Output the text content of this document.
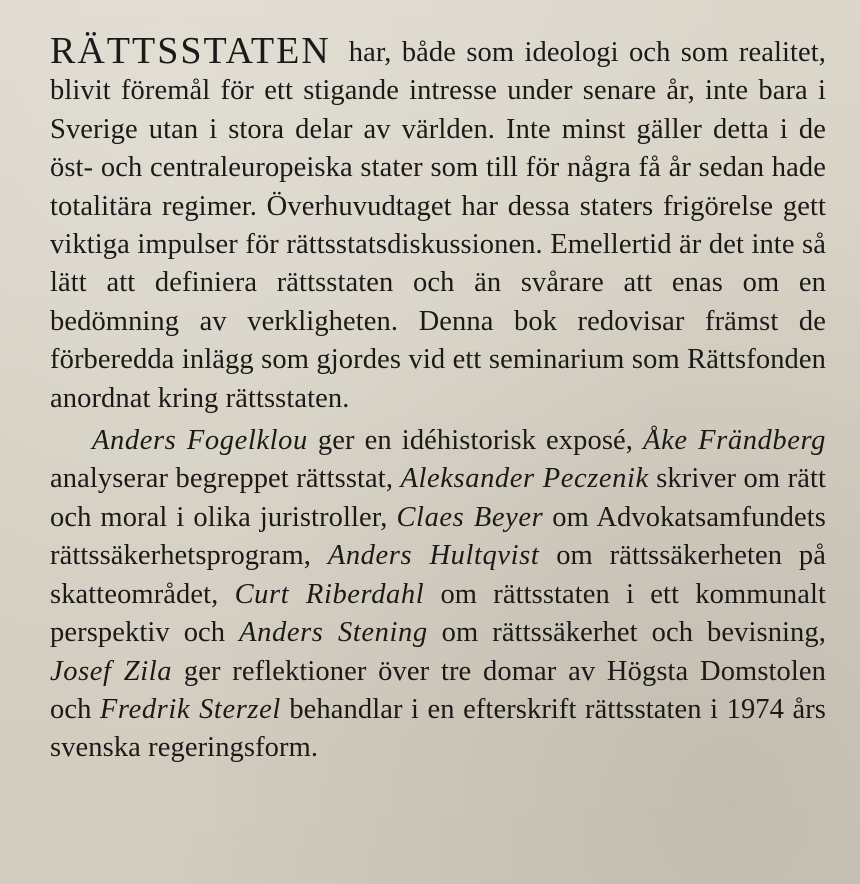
RÄTTSSTATEN har, både som ideologi och som realitet, blivit föremål för ett stigande intresse under senare år, inte bara i Sverige utan i stora delar av världen. Inte minst gäller detta i de öst- och centraleuropeiska stater som till för några få år sedan hade totalitära regimer. Överhuvudtaget har dessa staters frigörelse gett viktiga impulser för rättsstatsdiskussionen. Emellertid är det inte så lätt att definiera rättsstaten och än svårare att enas om en bedömning av verkligheten. Denna bok redovisar främst de förberedda inlägg som gjordes vid ett seminarium som Rättsfonden anordnat kring rättsstaten.

Anders Fogelklou ger en idéhistorisk exposé, Åke Frändberg analyserar begreppet rättsstat, Aleksander Peczenik skriver om rätt och moral i olika juristroller, Claes Beyer om Advokatsamfundets rättssäkerhetsprogram, Anders Hultqvist om rättssäkerheten på skatteområdet, Curt Riberdahl om rättsstaten i ett kommunalt perspektiv och Anders Stening om rättssäkerhet och bevisning, Josef Zila ger reflektioner över tre domar av Högsta Domstolen och Fredrik Sterzel behandlar i en efterskrift rättsstaten i 1974 års svenska regeringsform.
